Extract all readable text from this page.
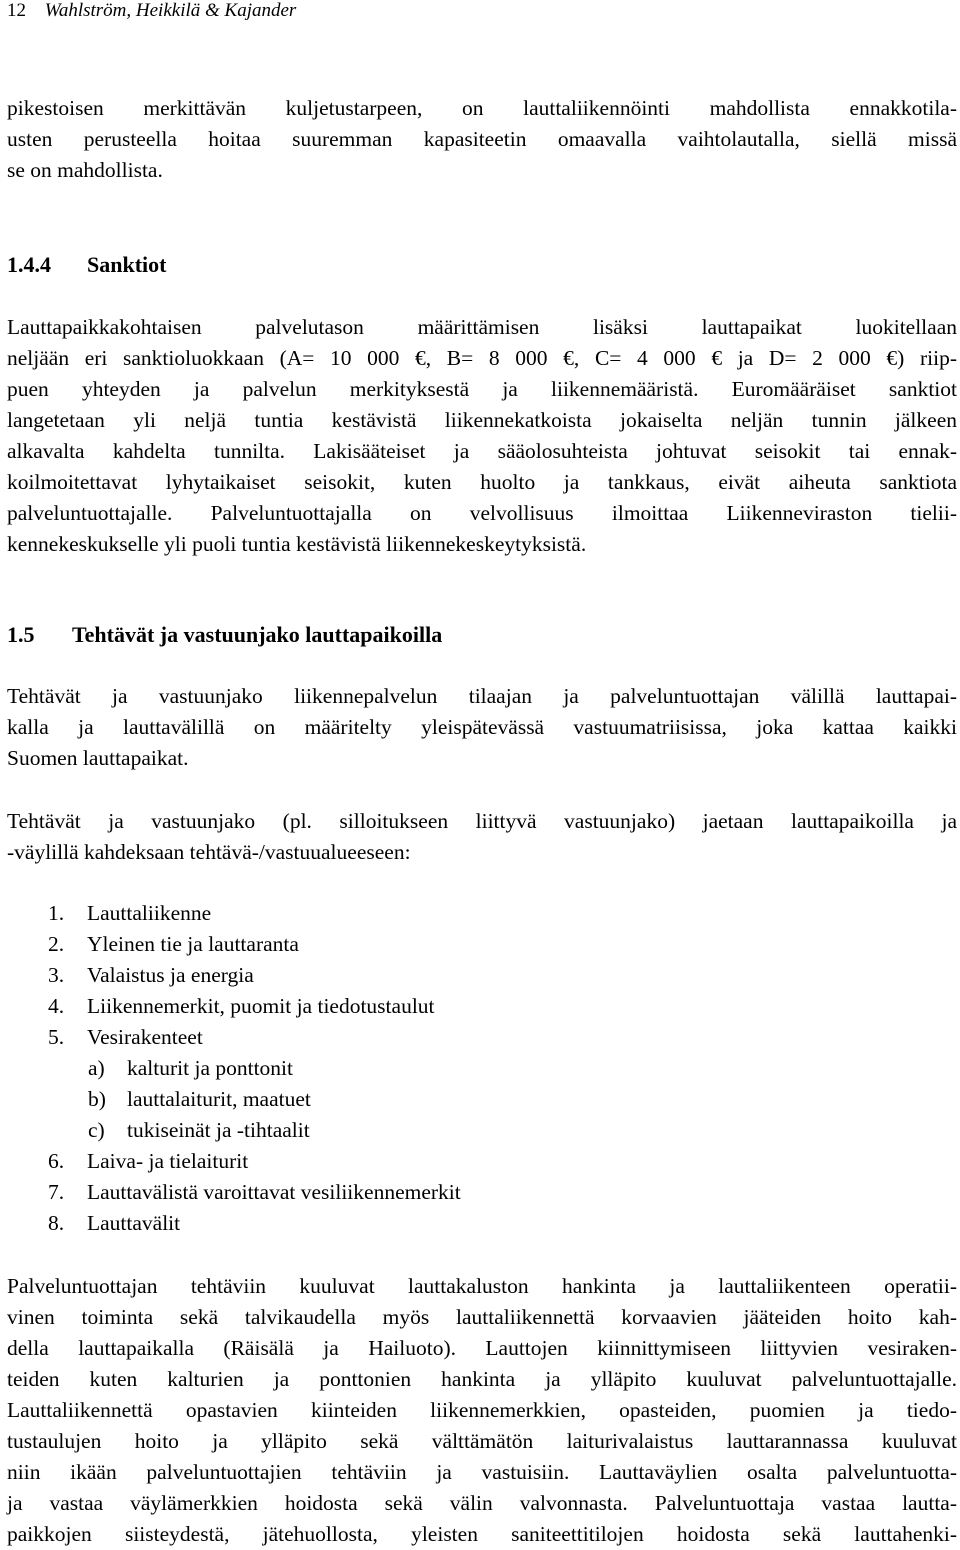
12 Wahlström, Heikkilä & Kajander
pikestoisen merkittävän kuljetustarpeen, on lauttaliikennöinti mahdollista ennakkotila-
usten perusteella hoitaa suuremman kapasiteetin omaavalla vaihtolautalla, siellä missä
se on mahdollista.
1.4.4 Sanktiot
Lauttapaikkakohtaisen palvelutason määrittämisen lisäksi lauttapaikat luokitellaan
neljään eri sanktioluokkaan (A= 10 000 €, B= 8 000 €, C= 4 000 € ja D= 2 000 €) riip-
puen yhteyden ja palvelun merkityksestä ja liikennemääristä. Euromääräiset sanktiot
langetetaan yli neljä tuntia kestävistä liikennekatkoista jokaiselta neljän tunnin jälkeen
alkavalta kahdelta tunnilta. Lakisääteiset ja sääolosuhteista johtuvat seisokit tai ennak-
koilmoitettavat lyhytaikaiset seisokit, kuten huolto ja tankkaus, eivät aiheuta sanktiota
palveluntuottajalle. Palveluntuottajalla on velvollisuus ilmoittaa Liikenneviraston tielii-
kennekeskukselle yli puoli tuntia kestävistä liikennekeskeytyksistä.
1.5 Tehtävät ja vastuunjako lauttapaikoilla
Tehtävät ja vastuunjako liikennepalvelun tilaajan ja palveluntuottajan välillä lauttapai-
kalla ja lauttavälillä on määritelty yleispätevässä vastuumatriisissa, joka kattaa kaikki
Suomen lauttapaikat.
Tehtävät ja vastuunjako (pl. silloitukseen liittyvä vastuunjako) jaetaan lauttapaikoilla ja
-väylillä kahdeksaan tehtävä-/vastuualueeseen:
1. Lauttaliikenne
2. Yleinen tie ja lauttaranta
3. Valaistus ja energia
4. Liikennemerkit, puomit ja tiedotustaulut
5. Vesirakenteet
a) kalturit ja ponttonit
b) lauttalaiturit, maatuet
c) tukiseinät ja -tihtaalit
6. Laiva- ja tielaiturit
7. Lauttavälistä varoittavat vesiliikennemerkit
8. Lauttavälit
Palveluntuottajan tehtäviin kuuluvat lauttakaluston hankinta ja lauttaliikenteen operatii-
vinen toiminta sekä talvikaudella myös lauttaliikennettä korvaavien jääteiden hoito kah-
della lauttapaikalla (Räisälä ja Hailuoto). Lauttojen kiinnittymiseen liittyvien vesiraken-
teiden kuten kalturien ja ponttonien hankinta ja ylläpito kuuluvat palveluntuottajalle.
Lauttaliikennettä opastavien kiinteiden liikennemerkkien, opasteiden, puomien ja tiedo-
tustaulujen hoito ja ylläpito sekä välttämätön laiturivalaistus lauttarannassa kuuluvat
niin ikään palveluntuottajien tehtäviin ja vastuisiin. Lauttaväylien osalta palveluntuotta-
ja vastaa väylämerkkien hoidosta sekä välin valvonnasta. Palveluntuottaja vastaa lautta-
paikkojen siisteydestä, jätehuollosta, yleisten saniteettitilojen hoidosta sekä lauttahenki-
